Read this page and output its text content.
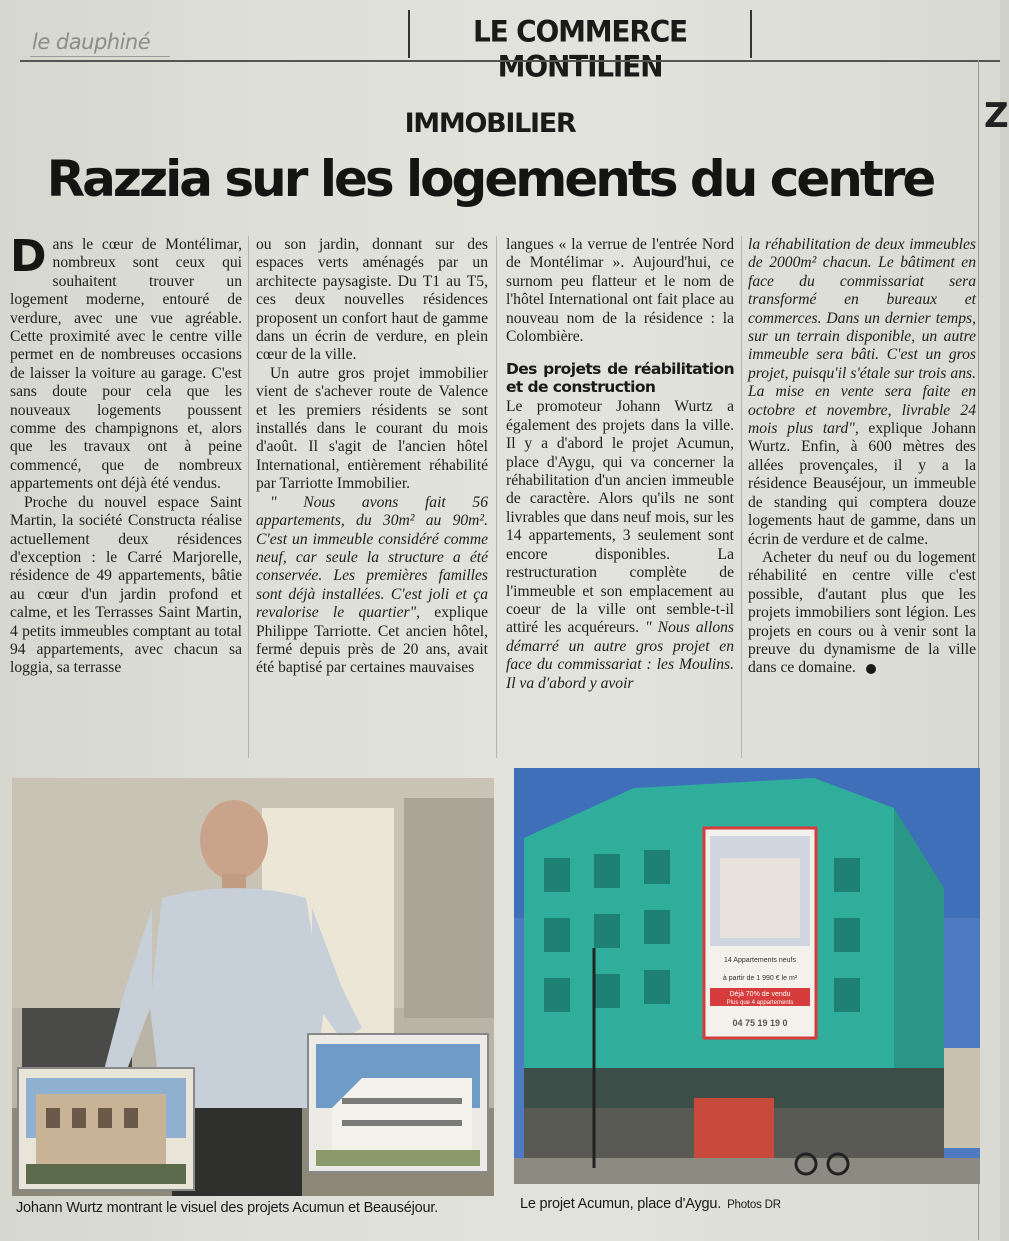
le dauphiné	LE COMMERCE MONTILIEN
Z
IMMOBILIER
Razzia sur les logements du centre

Dans le cœur de Montélimar, nombreux sont ceux qui souhaitent trouver un logement moderne, entouré de verdure, avec une vue agréable. Cette proximité avec le centre ville permet en de nombreuses occasions de laisser la voiture au garage. C'est sans doute pour cela que les nouveaux logements poussent comme des champignons et, alors que les travaux ont à peine commencé, que de nombreux appartements ont déjà été vendus.

Proche du nouvel espace Saint Martin, la société Constructa réalise actuellement deux résidences d'exception : le Carré Marjorelle, résidence de 49 appartements, bâtie au cœur d'un jardin profond et calme, et les Terrasses Saint Martin, 4 petits immeubles comptant au total 94 appartements, avec chacun sa loggia, sa terrasse

ou son jardin, donnant sur des espaces verts aménagés par un architecte paysagiste. Du T1 au T5, ces deux nouvelles résidences proposent un confort haut de gamme dans un écrin de verdure, en plein cœur de la ville.

Un autre gros projet immobilier vient de s'achever route de Valence et les premiers résidents se sont installés dans le courant du mois d'août. Il s'agit de l'ancien hôtel International, entièrement réhabilité par Tarriotte Immobilier.

" Nous avons fait 56 appartements, du 30m² au 90m². C'est un immeuble considéré comme neuf, car seule la structure a été conservée. Les premières familles sont déjà installées. C'est joli et ça revalorise le quartier", explique Philippe Tarriotte. Cet ancien hôtel, fermé depuis près de 20 ans, avait été baptisé par certaines mauvaises

langues « la verrue de l'entrée Nord de Montélimar ». Aujourd'hui, ce surnom peu flatteur et le nom de l'hôtel International ont fait place au nouveau nom de la résidence : la Colombière.

Des projets de réabilitation et de construction

Le promoteur Johann Wurtz a également des projets dans la ville. Il y a d'abord le projet Acumun, place d'Aygu, qui va concerner la réhabilitation d'un ancien immeuble de caractère. Alors qu'ils ne sont livrables que dans neuf mois, sur les 14 appartements, 3 seulement sont encore disponibles. La restructuration complète de l'immeuble et son emplacement au coeur de la ville ont semble-t-il attiré les acquéreurs. " Nous allons démarré un autre gros projet en face du commissariat : les Moulins. Il va d'abord y avoir

la réhabilitation de deux immeubles de 2000m² chacun. Le bâtiment en face du commissariat sera transformé en bureaux et commerces. Dans un dernier temps, sur un terrain disponible, un autre immeuble sera bâti. C'est un gros projet, puisqu'il s'étale sur trois ans. La mise en vente sera faite en octobre et novembre, livrable 24 mois plus tard", explique Johann Wurtz. Enfin, à 600 mètres des allées provençales, il y a la résidence Beauséjour, un immeuble de standing qui comptera douze logements haut de gamme, dans un écrin de verdure et de calme.

Acheter du neuf ou du logement réhabilité en centre ville c'est possible, d'autant plus que les projets immobiliers sont légion. Les projets en cours ou à venir sont la preuve du dynamisme de la ville dans ce domaine.

14 Appartements neufs
à partir de 1 990 € le m²
Déjà 70% de vendu
Plus que 4 appartements
04 75 19 19 0
Johann Wurtz montrant le visuel des projets Acumun et Beauséjour.	Le projet Acumun, place d'Aygu. Photos DR
